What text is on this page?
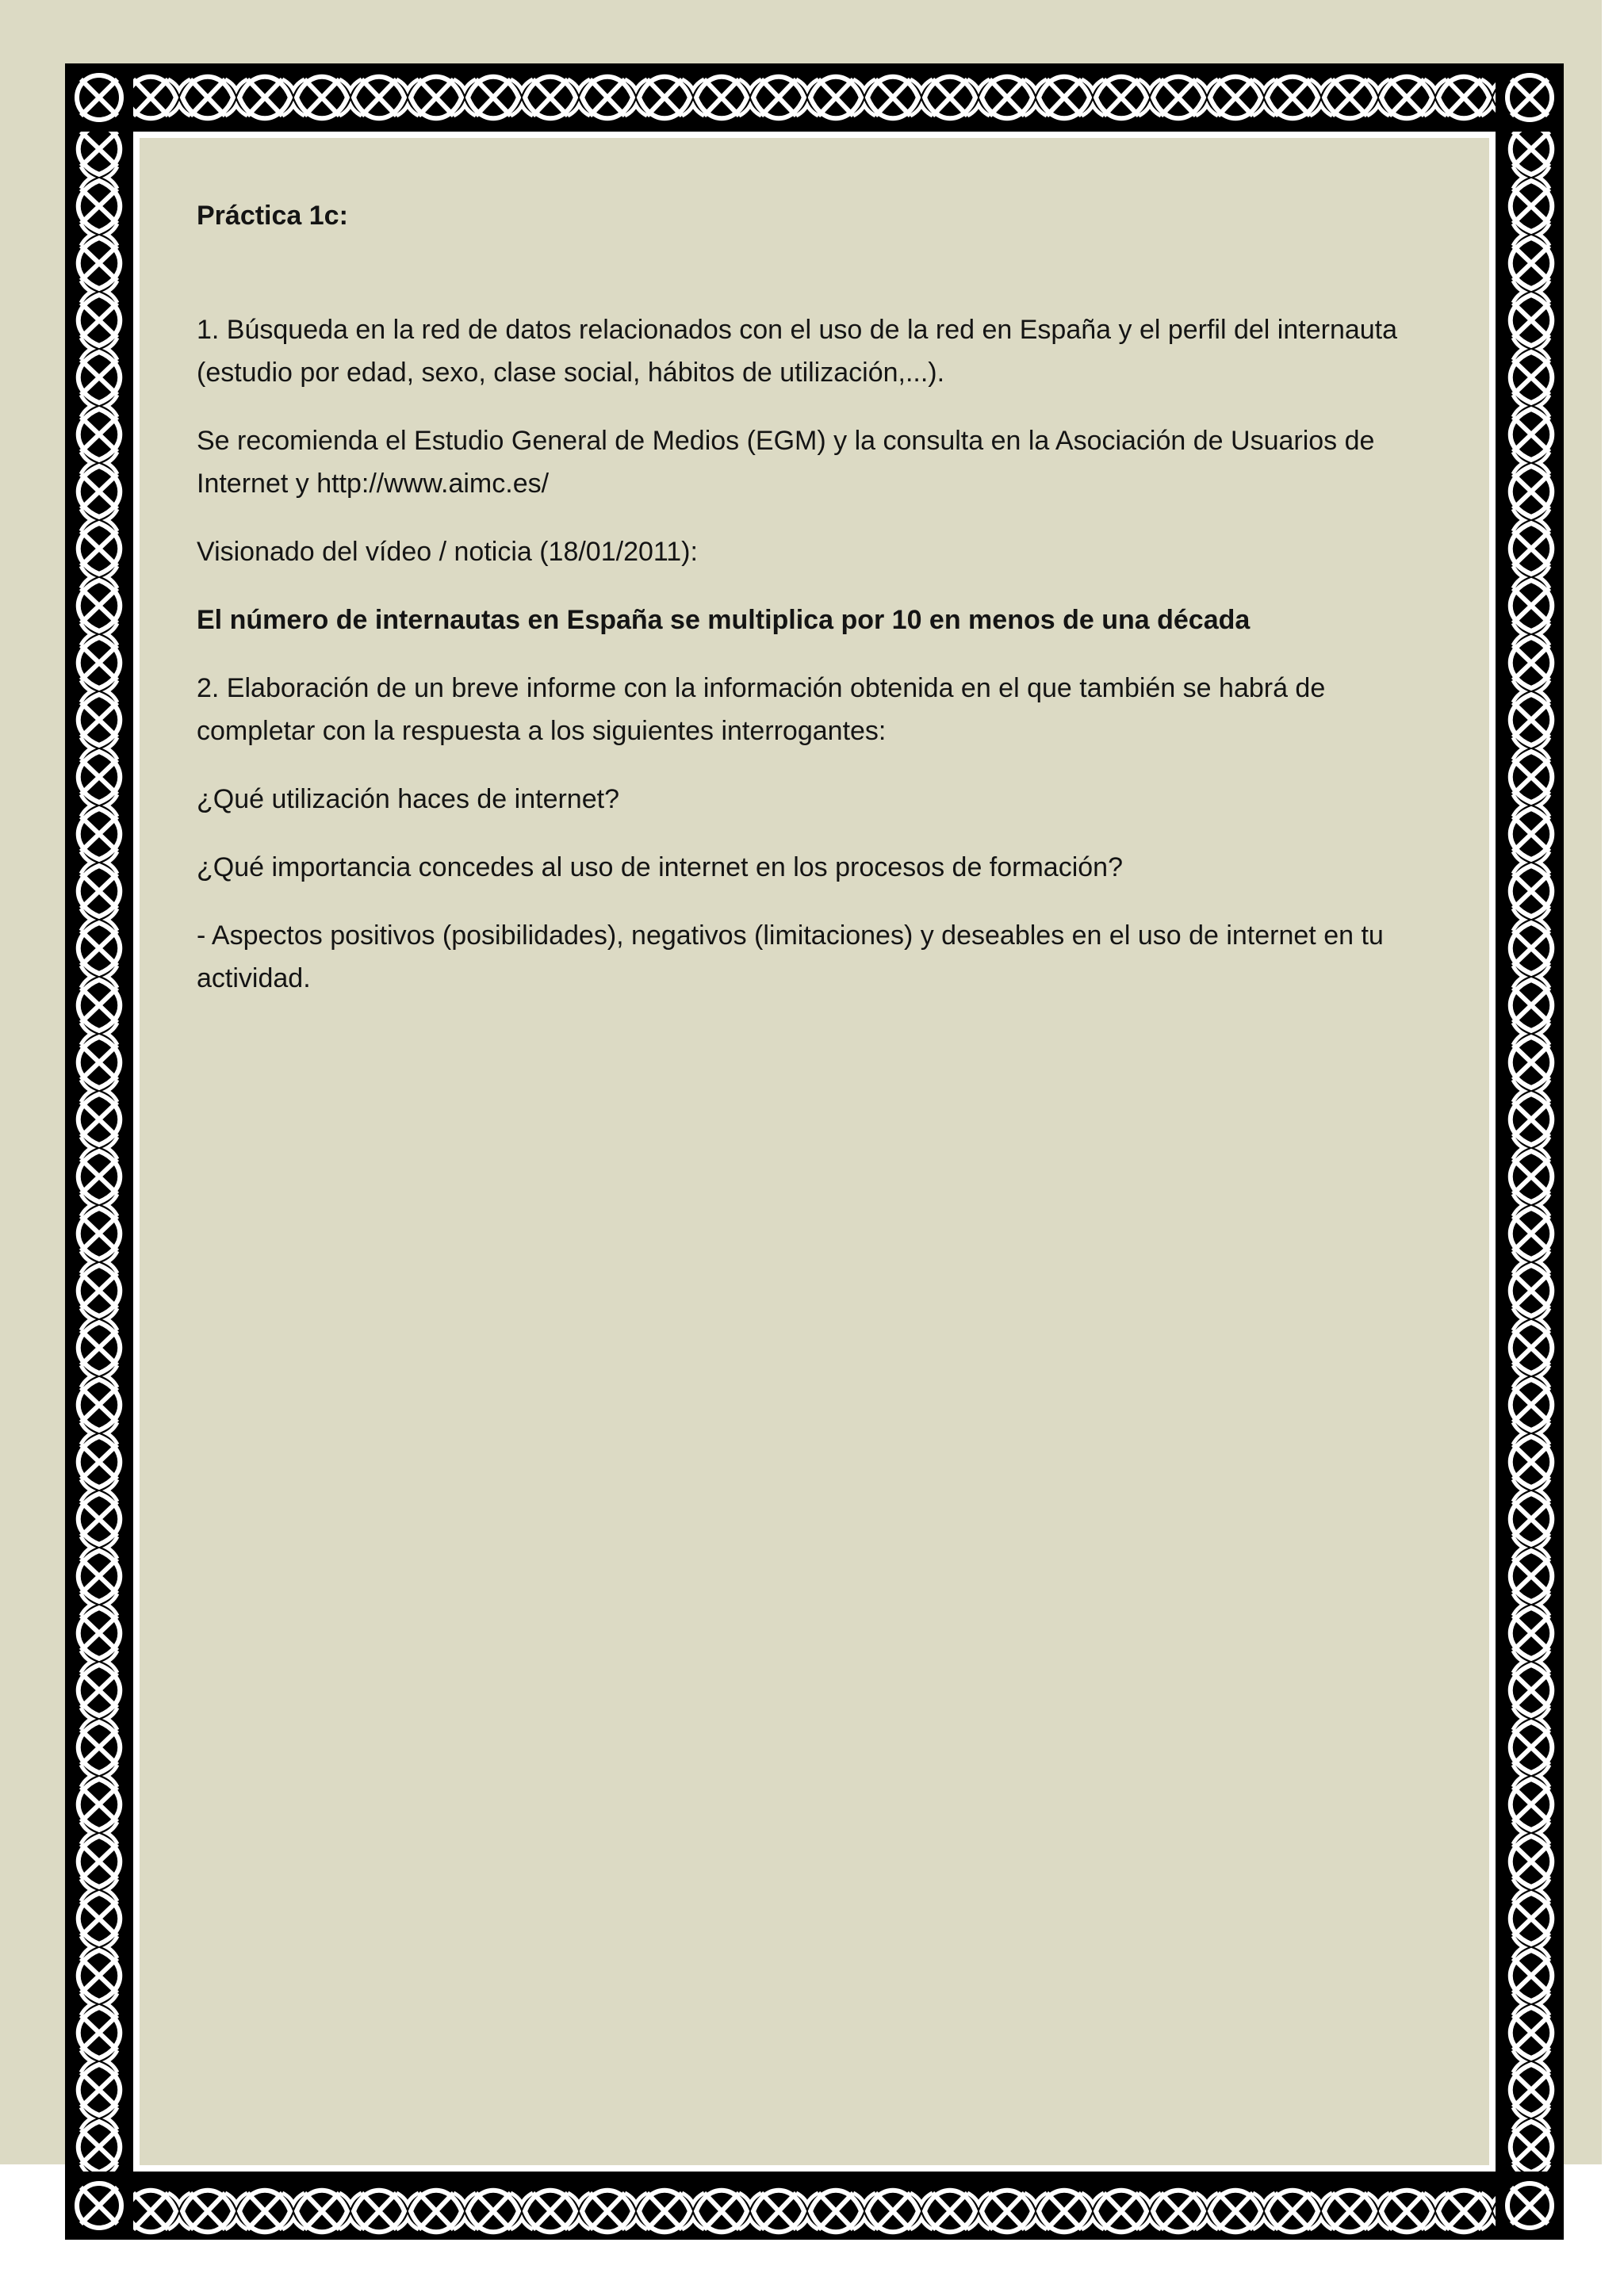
Práctica 1c:

1. Búsqueda en la red de datos relacionados con el uso de la red en España y el perfil del internauta (estudio por edad, sexo, clase social, hábitos de utilización,...).

Se recomienda el Estudio General de Medios (EGM) y la consulta en la Asociación de Usuarios de Internet y http://www.aimc.es/

Visionado del vídeo / noticia (18/01/2011):

El número de internautas en España se multiplica por 10 en menos de una década

2. Elaboración de un breve informe con la información obtenida en el que también se habrá de completar con la respuesta a los siguientes interrogantes:

¿Qué utilización haces de internet?

¿Qué importancia concedes al uso de internet en los procesos de formación?

- Aspectos positivos (posibilidades), negativos (limitaciones) y deseables en el uso de internet en tu actividad.
